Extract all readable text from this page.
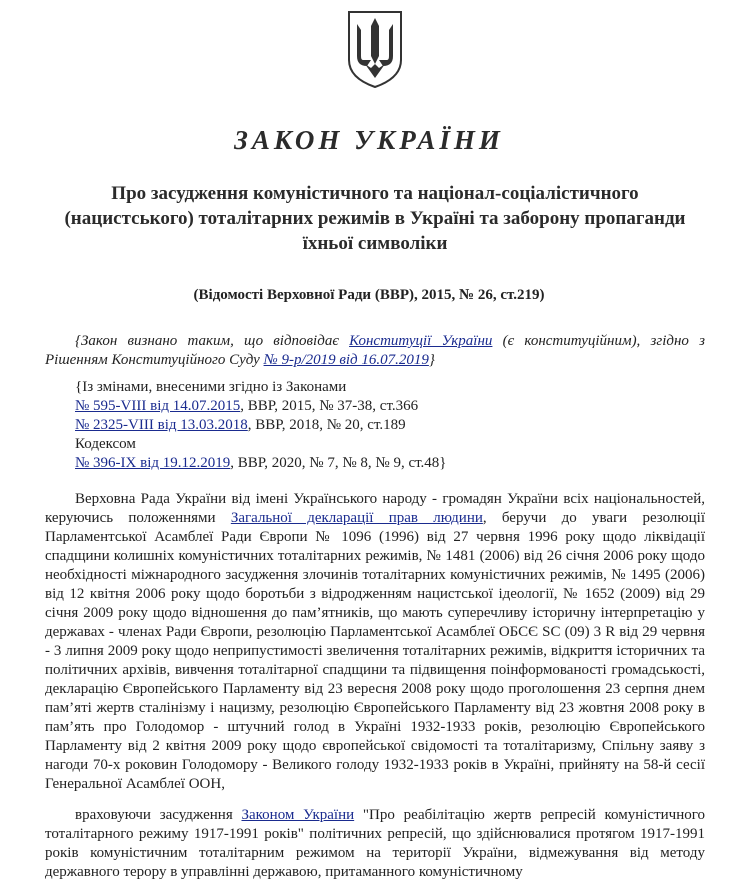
ЗАКОН УКРАЇНИ
Про засудження комуністичного та націонал-соціалістичного (нацистського) тоталітарних режимів в Україні та заборону пропаганди їхньої символіки
(Відомості Верховної Ради (ВВР), 2015, № 26, ст.219)
{Закон визнано таким, що відповідає Конституції України (є конституційним), згідно з Рішенням Конституційного Суду № 9-р/2019 від 16.07.2019}
{Із змінами, внесеними згідно із Законами
№ 595-VIII від 14.07.2015, ВВР, 2015, № 37-38, ст.366
№ 2325-VIII від 13.03.2018, ВВР, 2018, № 20, ст.189
Кодексом
№ 396-IX від 19.12.2019, ВВР, 2020, № 7, № 8, № 9, ст.48}
Верховна Рада України від імені Українського народу - громадян України всіх національностей, керуючись положеннями Загальної декларації прав людини, беручи до уваги резолюції Парламентської Асамблеї Ради Європи № 1096 (1996) від 27 червня 1996 року щодо ліквідації спадщини колишніх комуністичних тоталітарних режимів, № 1481 (2006) від 26 січня 2006 року щодо необхідності міжнародного засудження злочинів тоталітарних комуністичних режимів, № 1495 (2006) від 12 квітня 2006 року щодо боротьби з відродженням нацистської ідеології, № 1652 (2009) від 29 січня 2009 року щодо відношення до пам’ятників, що мають суперечливу історичну інтерпретацію у державах - членах Ради Європи, резолюцію Парламентської Асамблеї ОБСЄ SC (09) 3 R від 29 червня - 3 липня 2009 року щодо неприпустимості звеличення тоталітарних режимів, відкриття історичних та політичних архівів, вивчення тоталітарної спадщини та підвищення поінформованості громадськості, декларацію Європейського Парламенту від 23 вересня 2008 року щодо проголошення 23 серпня днем пам’яті жертв сталінізму і нацизму, резолюцію Європейського Парламенту від 23 жовтня 2008 року в пам’ять про Голодомор - штучний голод в Україні 1932-1933 років, резолюцію Європейського Парламенту від 2 квітня 2009 року щодо європейської свідомості та тоталітаризму, Спільну заяву з нагоди 70-х роковин Голодомору - Великого голоду 1932-1933 років в Україні, прийняту на 58-й сесії Генеральної Асамблеї ООН,
враховуючи засудження Законом України "Про реабілітацію жертв репресій комуністичного тоталітарного режиму 1917-1991 років" політичних репресій, що здійснювалися протягом 1917-1991 років комуністичним тоталітарним режимом на території України, відмежування від методу державного терору в управлінні державою, притаманного комуністичному
